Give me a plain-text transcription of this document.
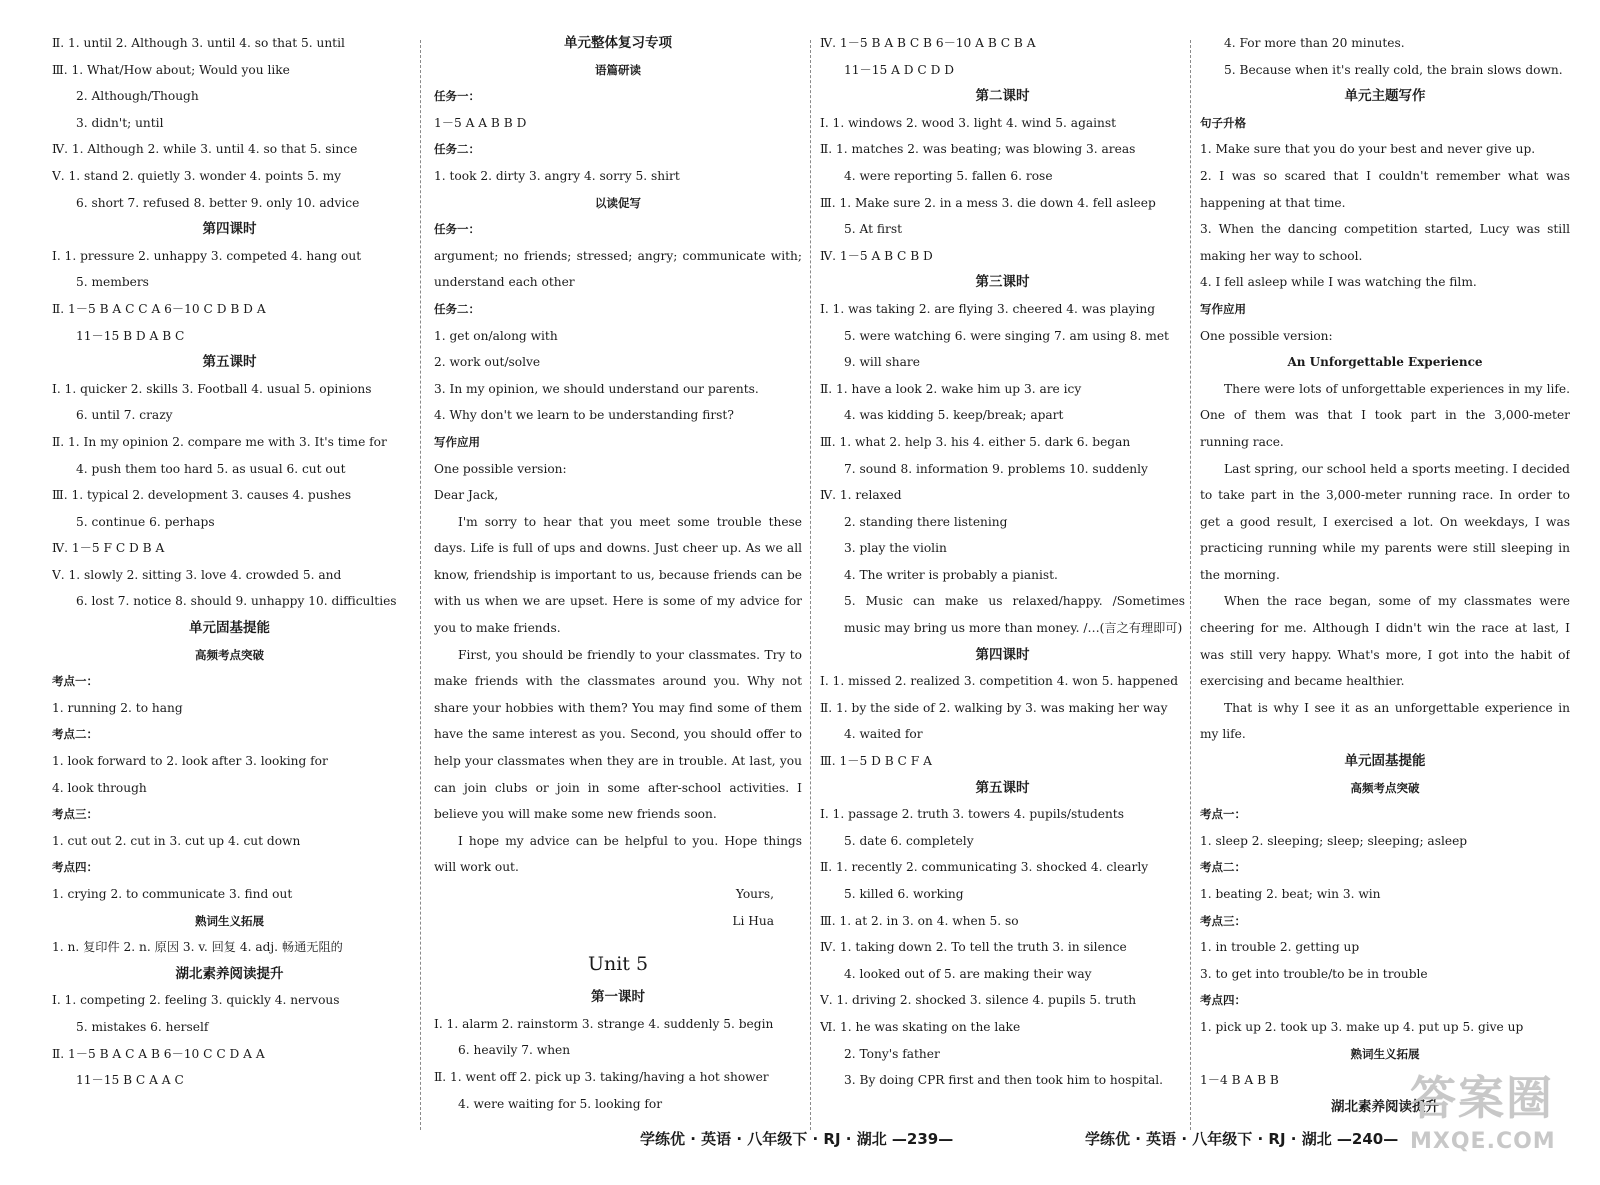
Ⅱ. 1. until 2. Although 3. until 4. so that 5. until
Ⅲ. 1. What/How about; Would you like
2. Although/Though
3. didn't; until
Ⅳ. 1. Although 2. while 3. until 4. so that 5. since
Ⅴ. 1. stand 2. quietly 3. wonder 4. points 5. my
6. short 7. refused 8. better 9. only 10. advice
第四课时
Ⅰ. 1. pressure 2. unhappy 3. competed 4. hang out
5. members
Ⅱ. 1－5 B A C C A 6－10 C D B D A
11－15 B D A B C
第五课时
Ⅰ. 1. quicker 2. skills 3. Football 4. usual 5. opinions
6. until 7. crazy
Ⅱ. 1. In my opinion 2. compare me with 3. It's time for
4. push them too hard 5. as usual 6. cut out
Ⅲ. 1. typical 2. development 3. causes 4. pushes
5. continue 6. perhaps
Ⅳ. 1－5 F C D B A
Ⅴ. 1. slowly 2. sitting 3. love 4. crowded 5. and
6. lost 7. notice 8. should 9. unhappy 10. difficulties
单元固基提能
高频考点突破
考点一：
1. running 2. to hang
考点二：
1. look forward to 2. look after 3. looking for
4. look through
考点三：
1. cut out 2. cut in 3. cut up 4. cut down
考点四：
1. crying 2. to communicate 3. find out
熟词生义拓展
1. n. 复印件 2. n. 原因 3. v. 回复 4. adj. 畅通无阻的
湖北素养阅读提升
Ⅰ. 1. competing 2. feeling 3. quickly 4. nervous
5. mistakes 6. herself
Ⅱ. 1－5 B A C A B 6－10 C C D A A
11－15 B C A A C
单元整体复习专项
语篇研读
任务一：
1－5 A A B B D
任务二：
1. took 2. dirty 3. angry 4. sorry 5. shirt
以读促写
任务一：
argument; no friends; stressed; angry; communicate with; understand each other
任务二：
1. get on/along with
2. work out/solve
3. In my opinion, we should understand our parents.
4. Why don't we learn to be understanding first?
写作应用
One possible version:
Dear Jack,
I'm sorry to hear that you meet some trouble these days. Life is full of ups and downs. Just cheer up. As we all know, friendship is important to us, because friends can be with us when we are upset. Here is some of my advice for you to make friends.
First, you should be friendly to your classmates. Try to make friends with the classmates around you. Why not share your hobbies with them? You may find some of them have the same interest as you. Second, you should offer to help your classmates when they are in trouble. At last, you can join clubs or join in some after-school activities. I believe you will make some new friends soon.
I hope my advice can be helpful to you. Hope things will work out.
Yours,
Li Hua
Unit 5
第一课时
Ⅰ. 1. alarm 2. rainstorm 3. strange 4. suddenly 5. begin
6. heavily 7. when
Ⅱ. 1. went off 2. pick up 3. taking/having a hot shower
4. were waiting for 5. looking for
Ⅳ. 1－5 B A B C B 6－10 A B C B A
11－15 A D C D D
第二课时
Ⅰ. 1. windows 2. wood 3. light 4. wind 5. against
Ⅱ. 1. matches 2. was beating; was blowing 3. areas
4. were reporting 5. fallen 6. rose
Ⅲ. 1. Make sure 2. in a mess 3. die down 4. fell asleep
5. At first
Ⅳ. 1－5 A B C B D
第三课时
Ⅰ. 1. was taking 2. are flying 3. cheered 4. was playing
5. were watching 6. were singing 7. am using 8. met
9. will share
Ⅱ. 1. have a look 2. wake him up 3. are icy
4. was kidding 5. keep/break; apart
Ⅲ. 1. what 2. help 3. his 4. either 5. dark 6. began
7. sound 8. information 9. problems 10. suddenly
Ⅳ. 1. relaxed
2. standing there listening
3. play the violin
4. The writer is probably a pianist.
5. Music can make us relaxed/happy. /Sometimes music may bring us more than money. /…(言之有理即可)
第四课时
Ⅰ. 1. missed 2. realized 3. competition 4. won 5. happened
Ⅱ. 1. by the side of 2. walking by 3. was making her way
4. waited for
Ⅲ. 1－5 D B C F A
第五课时
Ⅰ. 1. passage 2. truth 3. towers 4. pupils/students
5. date 6. completely
Ⅱ. 1. recently 2. communicating 3. shocked 4. clearly
5. killed 6. working
Ⅲ. 1. at 2. in 3. on 4. when 5. so
Ⅳ. 1. taking down 2. To tell the truth 3. in silence
4. looked out of 5. are making their way
Ⅴ. 1. driving 2. shocked 3. silence 4. pupils 5. truth
Ⅵ. 1. he was skating on the lake
2. Tony's father
3. By doing CPR first and then took him to hospital.
4. For more than 20 minutes.
5. Because when it's really cold, the brain slows down.
单元主题写作
句子升格
1. Make sure that you do your best and never give up.
2. I was so scared that I couldn't remember what was happening at that time.
3. When the dancing competition started, Lucy was still making her way to school.
4. I fell asleep while I was watching the film.
写作应用
One possible version:
An Unforgettable Experience
There were lots of unforgettable experiences in my life. One of them was that I took part in the 3,000-meter running race.
Last spring, our school held a sports meeting. I decided to take part in the 3,000-meter running race. In order to get a good result, I exercised a lot. On weekdays, I was practicing running while my parents were still sleeping in the morning.
When the race began, some of my classmates were cheering for me. Although I didn't win the race at last, I was still very happy. What's more, I got into the habit of exercising and became healthier.
That is why I see it as an unforgettable experience in my life.
单元固基提能
高频考点突破
考点一：
1. sleep 2. sleeping; sleep; sleeping; asleep
考点二：
1. beating 2. beat; win 3. win
考点三：
1. in trouble 2. getting up
3. to get into trouble/to be in trouble
考点四：
1. pick up 2. took up 3. make up 4. put up 5. give up
熟词生义拓展
1－4 B A B B
湖北素养阅读提升
学练优 · 英语 · 八年级下 · RJ · 湖北 —239—	学练优 · 英语 · 八年级下 · RJ · 湖北 —240—
答案圈
MXQE.COM
